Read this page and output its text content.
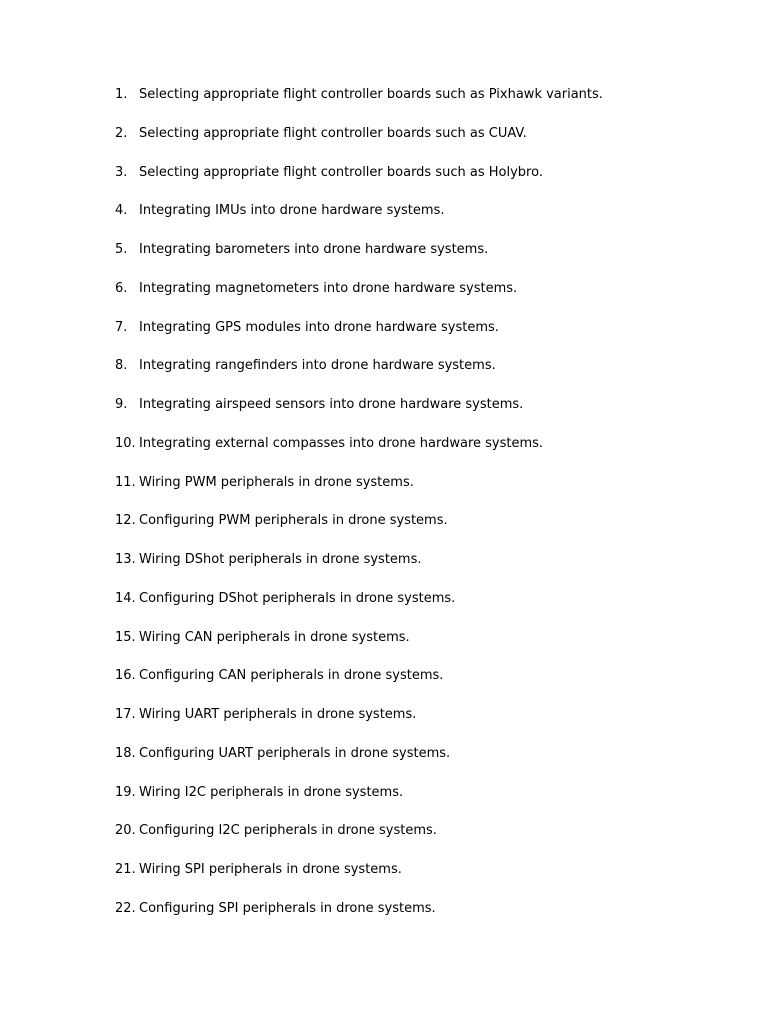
1. Selecting appropriate flight controller boards such as Pixhawk variants.
2. Selecting appropriate flight controller boards such as CUAV.
3. Selecting appropriate flight controller boards such as Holybro.
4. Integrating IMUs into drone hardware systems.
5. Integrating barometers into drone hardware systems.
6. Integrating magnetometers into drone hardware systems.
7. Integrating GPS modules into drone hardware systems.
8. Integrating rangefinders into drone hardware systems.
9. Integrating airspeed sensors into drone hardware systems.
10. Integrating external compasses into drone hardware systems.
11. Wiring PWM peripherals in drone systems.
12. Configuring PWM peripherals in drone systems.
13. Wiring DShot peripherals in drone systems.
14. Configuring DShot peripherals in drone systems.
15. Wiring CAN peripherals in drone systems.
16. Configuring CAN peripherals in drone systems.
17. Wiring UART peripherals in drone systems.
18. Configuring UART peripherals in drone systems.
19. Wiring I2C peripherals in drone systems.
20. Configuring I2C peripherals in drone systems.
21. Wiring SPI peripherals in drone systems.
22. Configuring SPI peripherals in drone systems.
